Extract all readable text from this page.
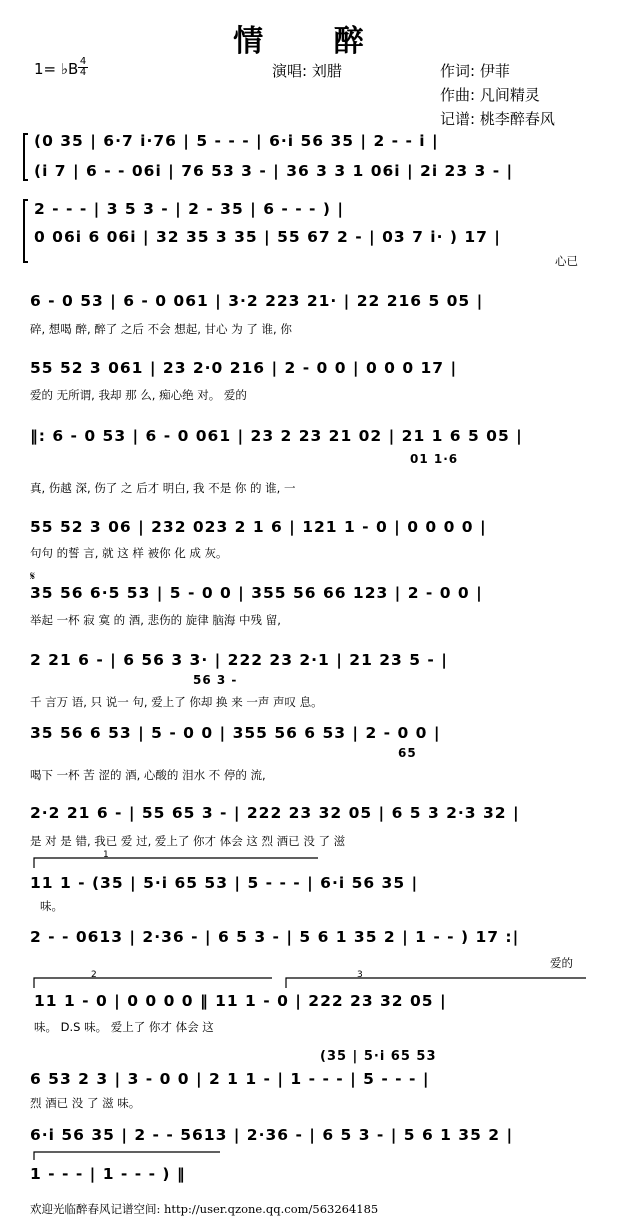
情 醉
1= ♭B 4
4	演唱: 刘腊	作词: 伊菲
作曲: 凡间精灵
记谱: 桃李醉春风
(0 35 | 6·7 i·76 | 5 - - - | 6·i 56 35 | 2 - - i |
(i 7 | 6 - - 06i | 76 53 3 - | 36 3 3 1 06i | 2i 23 3 - |
2 - - - | 3 5 3 - | 2 - 35 | 6 - - - ) |
0 06i 6 06i | 32 35 3 35 | 55 67 2 - | 03 7 i· ) 17 |
心已
6 - 0 53 | 6 - 0 061 | 3·2 223 21· | 22 216 5 05 |
碎, 想喝 醉, 醉了 之后 不会 想起, 甘心 为 了 谁, 你
55 52 3 061 | 23 2·0 216 | 2 - 0 0 | 0 0 0 17 |
爱的 无所谓, 我却 那 么, 痴心绝 对。 爱的
‖: 6 - 0 53 | 6 - 0 061 | 23 2 23 21 02 | 21 1 6 5 05 |
01 1·6
真, 伤越 深, 伤了 之 后才 明白, 我 不是 你 的 谁, 一
55 52 3 06 | 232 023 2 1 6 | 121 1 - 0 | 0 0 0 0 |
句句 的誓 言, 就 这 样 被你 化 成 灰。
𝄋
35 56 6·5 53 | 5 - 0 0 | 355 56 66 123 | 2 - 0 0 |
举起 一杯 寂 寞 的 酒, 悲伤的 旋律 脑海 中残 留,
2 21 6 - | 6 56 3 3· | 222 23 2·1 | 21 23 5 - |
56 3 -
千 言万 语, 只 说一 句, 爱上了 你却 换 来 一声 声叹 息。
35 56 6 53 | 5 - 0 0 | 355 56 6 53 | 2 - 0 0 |
65
喝下 一杯 苦 涩的 酒, 心酸的 泪水 不 停的 流,
2·2 21 6 - | 55 65 3 - | 222 23 32 05 | 6 5 3 2·3 32 |
是 对 是 错, 我已 爱 过, 爱上了 你才 体会 这 烈 酒已 没 了 滋
1
11 1 - (35 | 5·i 65 53 | 5 - - - | 6·i 56 35 |
味。
2 - - 0613 | 2·36 - | 6 5 3 - | 5 6 1 35 2 | 1 - - ) 17 :|
爱的
2	3
11 1 - 0 | 0 0 0 0 ‖ 11 1 - 0 | 222 23 32 05 |
味。 D.S 味。 爱上了 你才 体会 这
(35 | 5·i 65 53
6 53 2 3 | 3 - 0 0 | 2 1 1 - | 1 - - - | 5 - - - |
烈 酒已 没 了 滋 味。
6·i 56 35 | 2 - - 5613 | 2·36 - | 6 5 3 - | 5 6 1 35 2 |
1 - - - | 1 - - - ) ‖
欢迎光临醉春风记谱空间: http://user.qzone.qq.com/563264185
